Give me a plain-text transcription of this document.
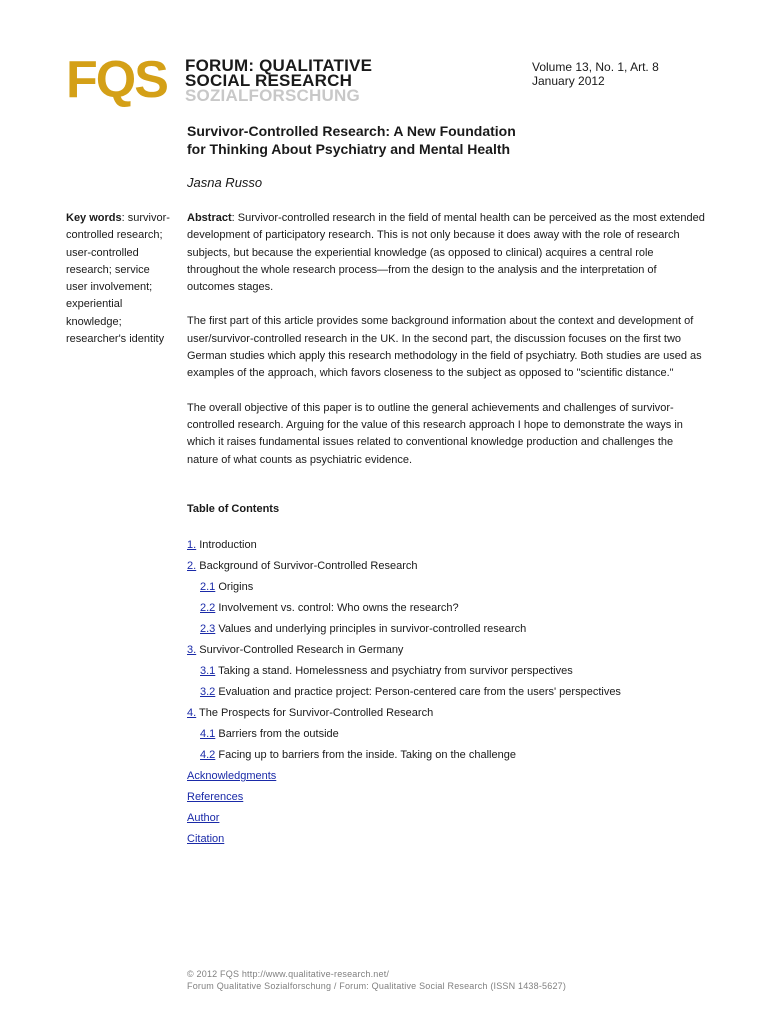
FQS FORUM: QUALITATIVE
SOCIAL RESEARCH
SOZIALFORSCHUNG
Volume 13, No. 1, Art. 8
January 2012
Survivor-Controlled Research: A New Foundation
for Thinking About Psychiatry and Mental Health
Jasna Russo
Key words: survivor-controlled research; user-controlled research; service user involvement; experiential knowledge; researcher's identity

Abstract: Survivor-controlled research in the field of mental health can be perceived as the most extended development of participatory research. This is not only because it does away with the role of research subjects, but because the experiential knowledge (as opposed to clinical) acquires a central role throughout the whole research process—from the design to the analysis and the interpretation of outcomes stages.

The first part of this article provides some background information about the context and development of user/survivor-controlled research in the UK. In the second part, the discussion focuses on the first two German studies which apply this research methodology in the field of psychiatry. Both studies are used as examples of the approach, which favors closeness to the subject as opposed to "scientific distance."

The overall objective of this paper is to outline the general achievements and challenges of survivor-controlled research. Arguing for the value of this research approach I hope to demonstrate the ways in which it raises fundamental issues related to conventional knowledge production and challenges the nature of what counts as psychiatric evidence.

Table of Contents
1. Introduction
2. Background of Survivor-Controlled Research
2.1 Origins
2.2 Involvement vs. control: Who owns the research?
2.3 Values and underlying principles in survivor-controlled research
3. Survivor-Controlled Research in Germany
3.1 Taking a stand. Homelessness and psychiatry from survivor perspectives
3.2 Evaluation and practice project: Person-centered care from the users' perspectives
4. The Prospects for Survivor-Controlled Research
4.1 Barriers from the outside
4.2 Facing up to barriers from the inside. Taking on the challenge
Acknowledgments
References
Author
Citation
© 2012 FQS http://www.qualitative-research.net/
Forum Qualitative Sozialforschung / Forum: Qualitative Social Research (ISSN 1438-5627)
